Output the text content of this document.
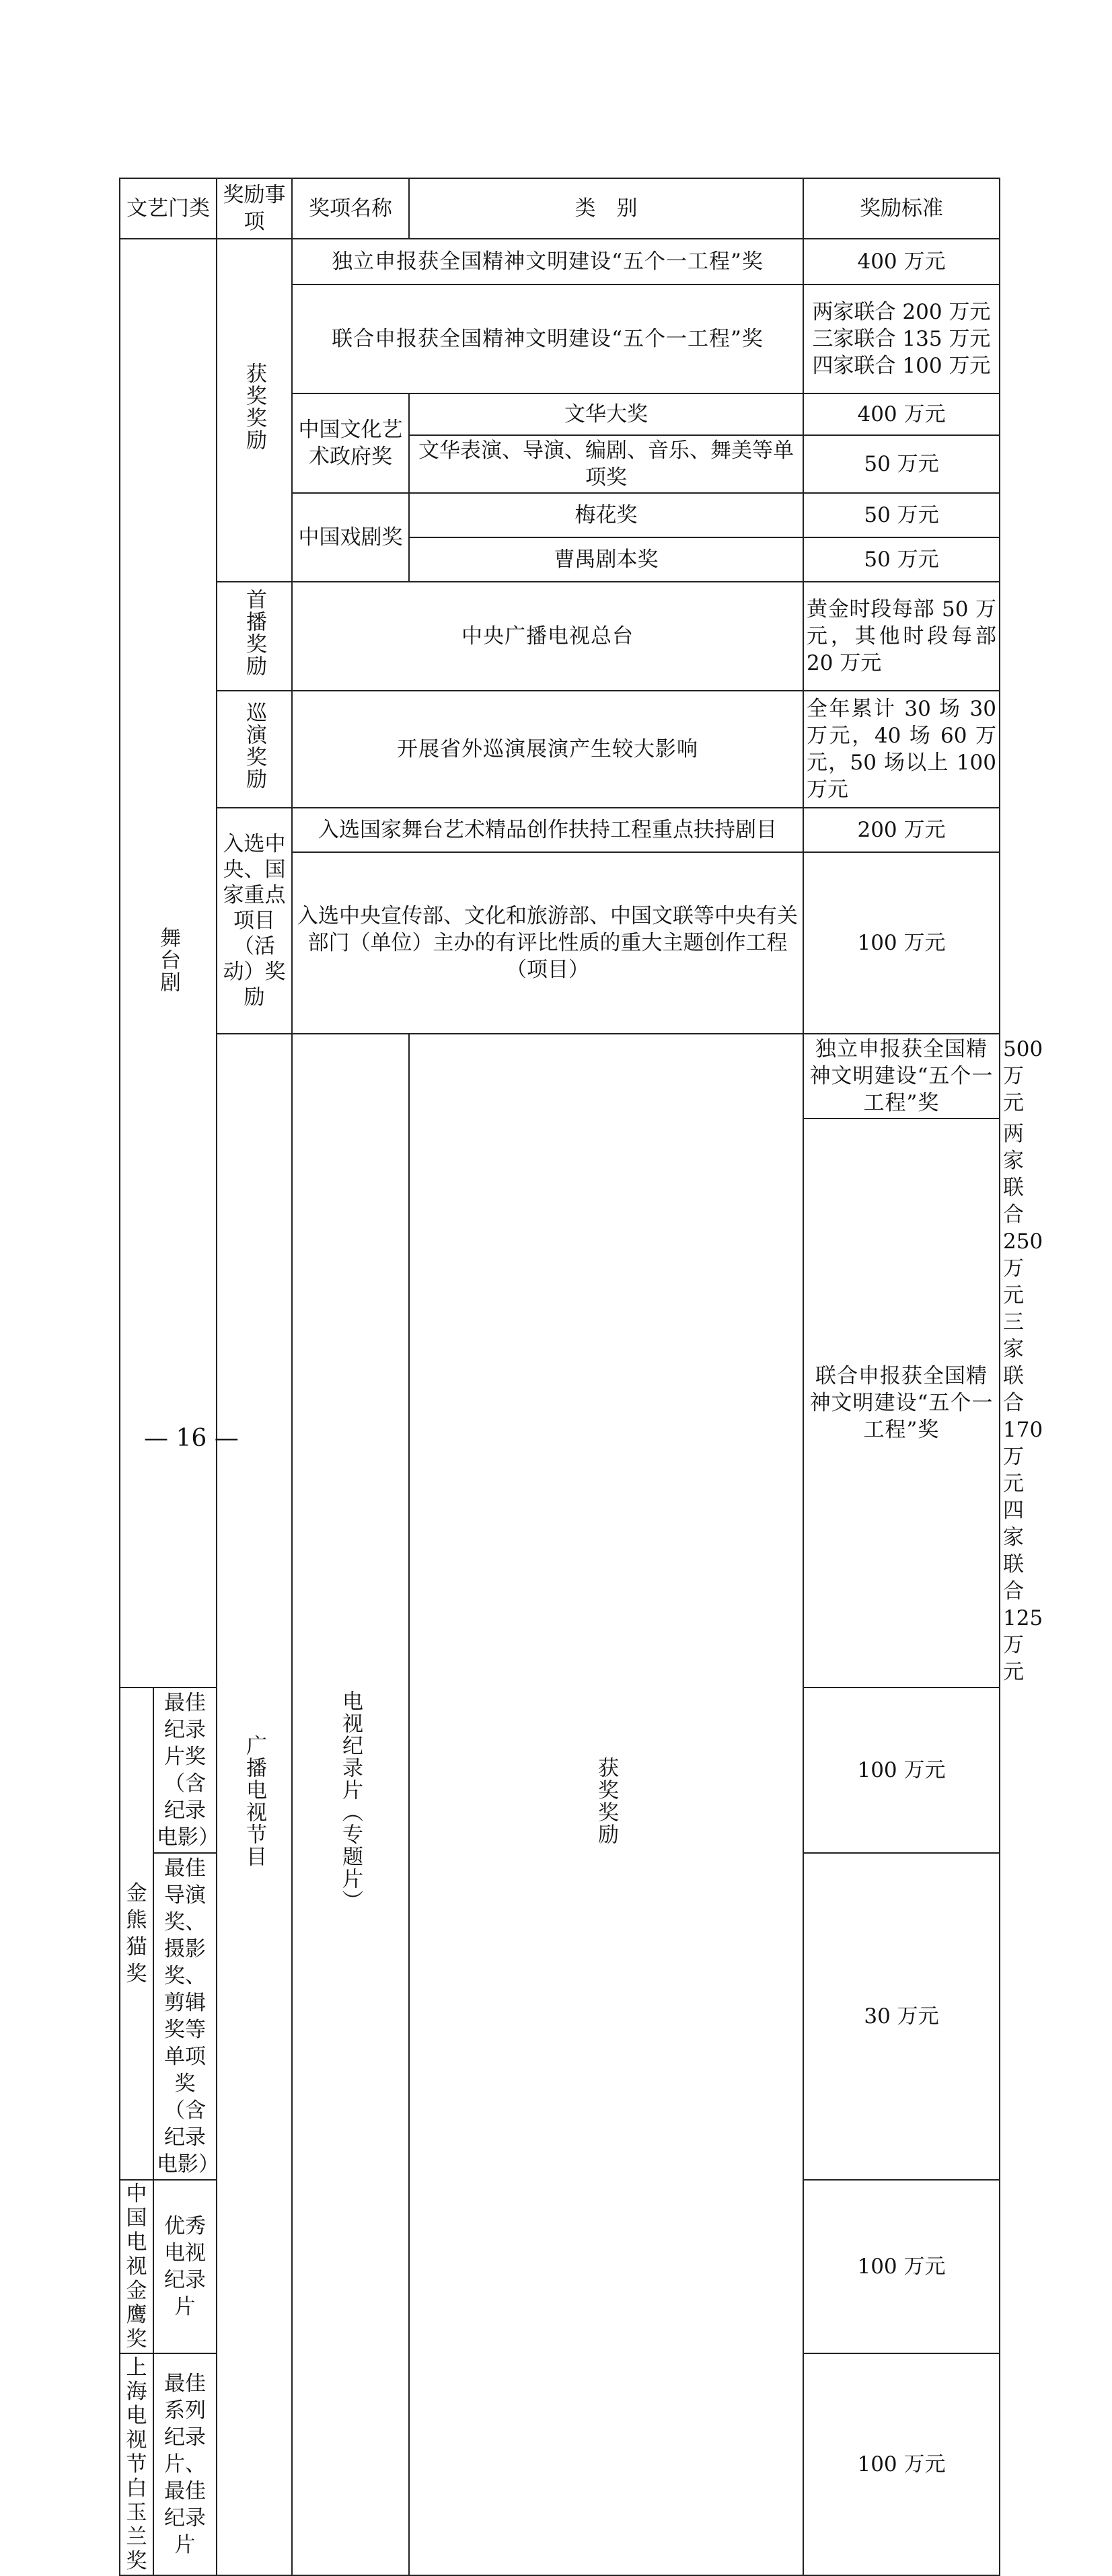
文艺门类		奖励事项	奖项名称	类　别	奖励标准	
舞台剧		获奖奖励	独立申报获全国精神文明建设“五个一工程”奖		400 万元	
			联合申报获全国精神文明建设“五个一工程”奖		两家联合 200 万元
三家联合 135 万元
四家联合 100 万元	

			中国文化艺术政府奖	文华大奖	400 万元	
				文华表演、导演、编剧、音乐、舞美等单项奖	50 万元	
			中国戏剧奖	梅花奖	50 万元	
				曹禺剧本奖	50 万元	
		首播奖励	中央广播电视总台		黄金时段每部 50 万元，其他时段每部 20 万元	
		巡演奖励	开展省外巡演展演产生较大影响		全年累计 30 场 30 万元，40 场 60 万元，50 场以上 100 万元	
		入选中央、国家重点项目（活动）奖励	入选国家舞台艺术精品创作扶持工程重点扶持剧目		200 万元	
			入选中央宣传部、文化和旅游部、中国文联等中央有关部门（单位）主办的有评比性质的重大主题创作工程（项目）		100 万元	
		广播电视节目	电视纪录片（专题片）	获奖奖励	独立申报获全国精神文明建设“五个一工程”奖	500 万元
					联合申报获全国精神文明建设“五个一工程”奖	两家联合 250 万元
三家联合 170 万元
四家联合 125 万元

金熊猫奖	最佳纪录片奖（含纪录电影）				100 万元	
	最佳导演奖、摄影奖、剪辑奖等单项奖（含纪录电影）				30 万元	
中国电视金鹰奖	优秀电视纪录片				100 万元	
上海电视节白玉兰奖	最佳系列纪录片、最佳纪录片				100 万元	
— 16 —
